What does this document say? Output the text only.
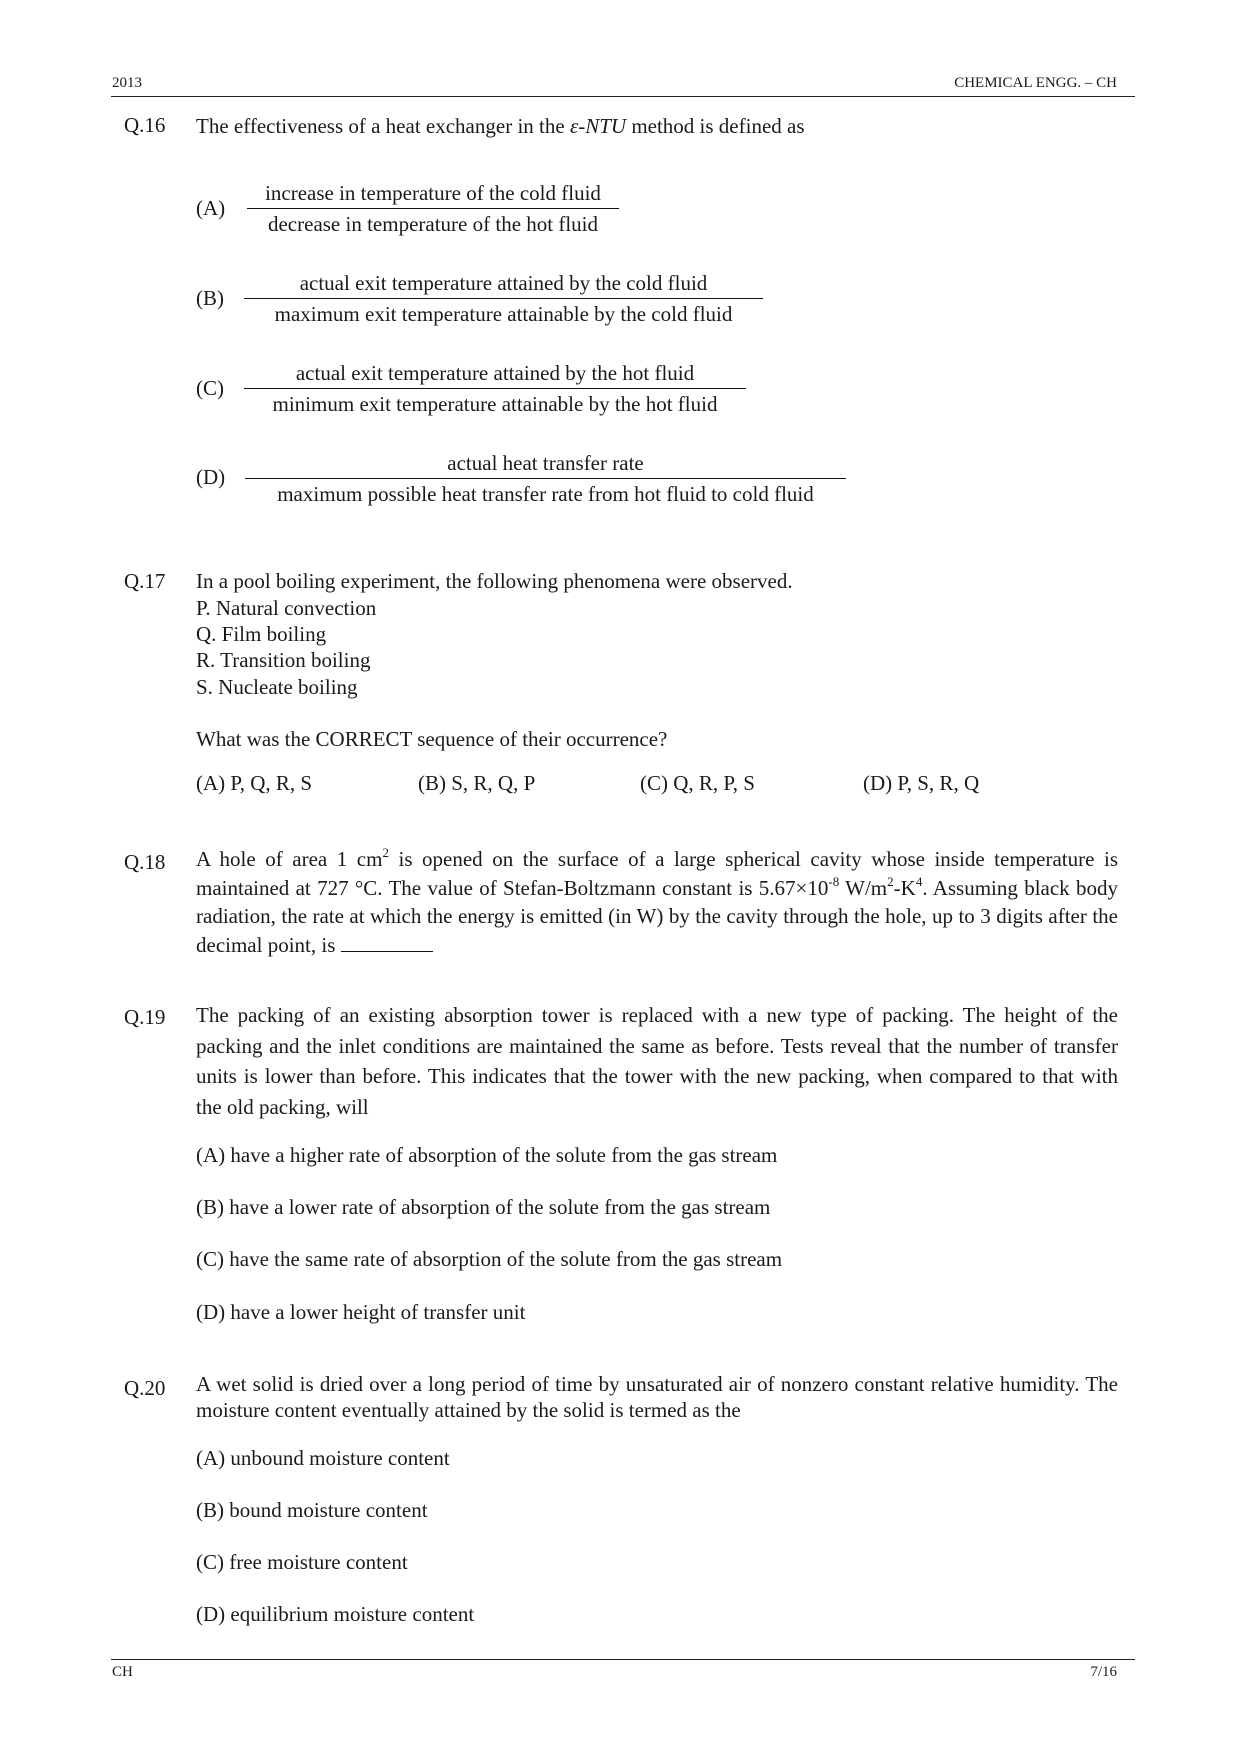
2013	CHEMICAL ENGG. – CH
Q.16 The effectiveness of a heat exchanger in the ε-NTU method is defined as
(A)
increase in temperature of the cold fluid
decrease in temperature of the hot fluid
(B)
actual exit temperature attained by the cold fluid
maximum exit temperature attainable by the cold fluid
(C)
actual exit temperature attained by the hot fluid
minimum exit temperature attainable by the hot fluid
(D)
actual heat transfer rate
maximum possible heat transfer rate from hot fluid to cold fluid
Q.17 In a pool boiling experiment, the following phenomena were observed.
P. Natural convection
Q. Film boiling
R. Transition boiling
S. Nucleate boiling
What was the CORRECT sequence of their occurrence?
(A) P, Q, R, S	(B) S, R, Q, P	(C) Q, R, P, S	(D) P, S, R, Q
Q.18 A hole of area 1 $cm^2$ is opened on the surface of a large spherical cavity whose inside temperature is maintained at 727 °C. The value of Stefan-Boltzmann constant is $5.67\times 10^{-8}$ $W/m^2-K^4$. Assuming black body radiation, the rate at which the energy is emitted (in W) by the cavity through the hole, up to 3 digits after the decimal point, is
Q.19 The packing of an existing absorption tower is replaced with a new type of packing. The height of the packing and the inlet conditions are maintained the same as before. Tests reveal that the number of transfer units is lower than before. This indicates that the tower with the new packing, when compared to that with the old packing, will
(A) have a higher rate of absorption of the solute from the gas stream
(B) have a lower rate of absorption of the solute from the gas stream
(C) have the same rate of absorption of the solute from the gas stream
(D) have a lower height of transfer unit
Q.20 A wet solid is dried over a long period of time by unsaturated air of nonzero constant relative humidity. The moisture content eventually attained by the solid is termed as the
(A) unbound moisture content
(B) bound moisture content
(C) free moisture content
(D) equilibrium moisture content
CH	7/16
